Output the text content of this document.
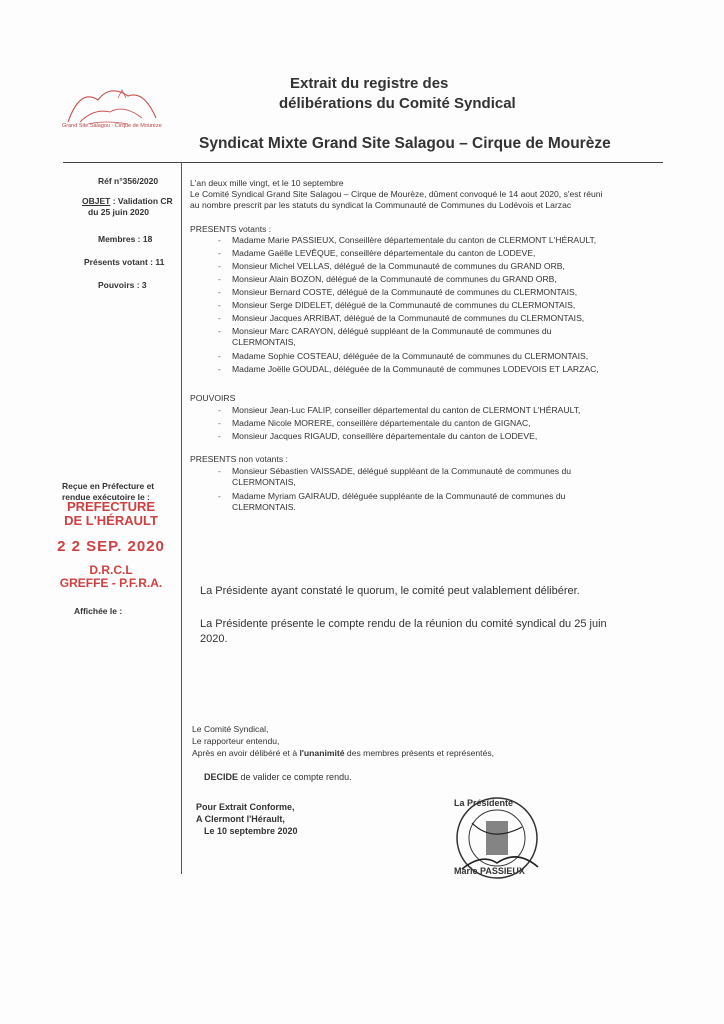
Grand Site Salagou · Cirque de Mourèze
Extrait du registre des
délibérations du Comité Syndical
Syndicat Mixte Grand Site Salagou – Cirque de Mourèze
Réf n°356/2020
OBJET : Validation CR
du 25 juin 2020
Membres : 18
Présents votant : 11
Pouvoirs : 3
Reçue en Préfecture et
rendue exécutoire le :
PREFECTURE
DE L'HÉRAULT
2 2 SEP. 2020
D.R.C.L
GREFFE - P.F.R.A.
Affichée le :
L'an deux mille vingt, et le 10 septembre
Le Comité Syndical Grand Site Salagou – Cirque de Mourèze, dûment convoqué le 14 aout 2020, s'est réuni
au nombre prescrit par les statuts du syndicat la Communauté de Communes du Lodévois et Larzac
PRESENTS votants :
- Madame Marie PASSIEUX, Conseillère départementale du canton de CLERMONT L'HÉRAULT,
- Madame Gaëlle LEVÊQUE, conseillère départementale du canton de LODEVE,
- Monsieur Michel VELLAS, délégué de la Communauté de communes du GRAND ORB,
- Monsieur Alain BOZON, délégué de la Communauté de communes du GRAND ORB,
- Monsieur Bernard COSTE, délégué de la Communauté de communes du CLERMONTAIS,
- Monsieur Serge DIDELET, délégué de la Communauté de communes du CLERMONTAIS,
- Monsieur Jacques ARRIBAT, délégué de la Communauté de communes du CLERMONTAIS,
- Monsieur Marc CARAYON, délégué suppléant de la Communauté de communes du
CLERMONTAIS,
- Madame Sophie COSTEAU, déléguée de la Communauté de communes du CLERMONTAIS,
- Madame Joëlle GOUDAL, déléguée de la Communauté de communes LODEVOIS ET LARZAC,
POUVOIRS
- Monsieur Jean-Luc FALIP, conseiller départemental du canton de CLERMONT L'HÉRAULT,
- Madame Nicole MORERE, conseillère départementale du canton de GIGNAC,
- Monsieur Jacques RIGAUD, conseillère départementale du canton de LODEVE,
PRESENTS non votants :
- Monsieur Sébastien VAISSADE, délégué suppléant de la Communauté de communes du
CLERMONTAIS,
- Madame Myriam GAIRAUD, déléguée suppléante de la Communauté de communes du
CLERMONTAIS.
La Présidente ayant constaté le quorum, le comité peut valablement délibérer.
La Présidente présente le compte rendu de la réunion du comité syndical du 25 juin
2020.
Le Comité Syndical,
Le rapporteur entendu,
Après en avoir délibéré et à l'unanimité des membres présents et représentés,
DECIDE de valider ce compte rendu.
Pour Extrait Conforme,
A Clermont l'Hérault,
Le 10 septembre 2020
La Présidente
Marie PASSIEUX
